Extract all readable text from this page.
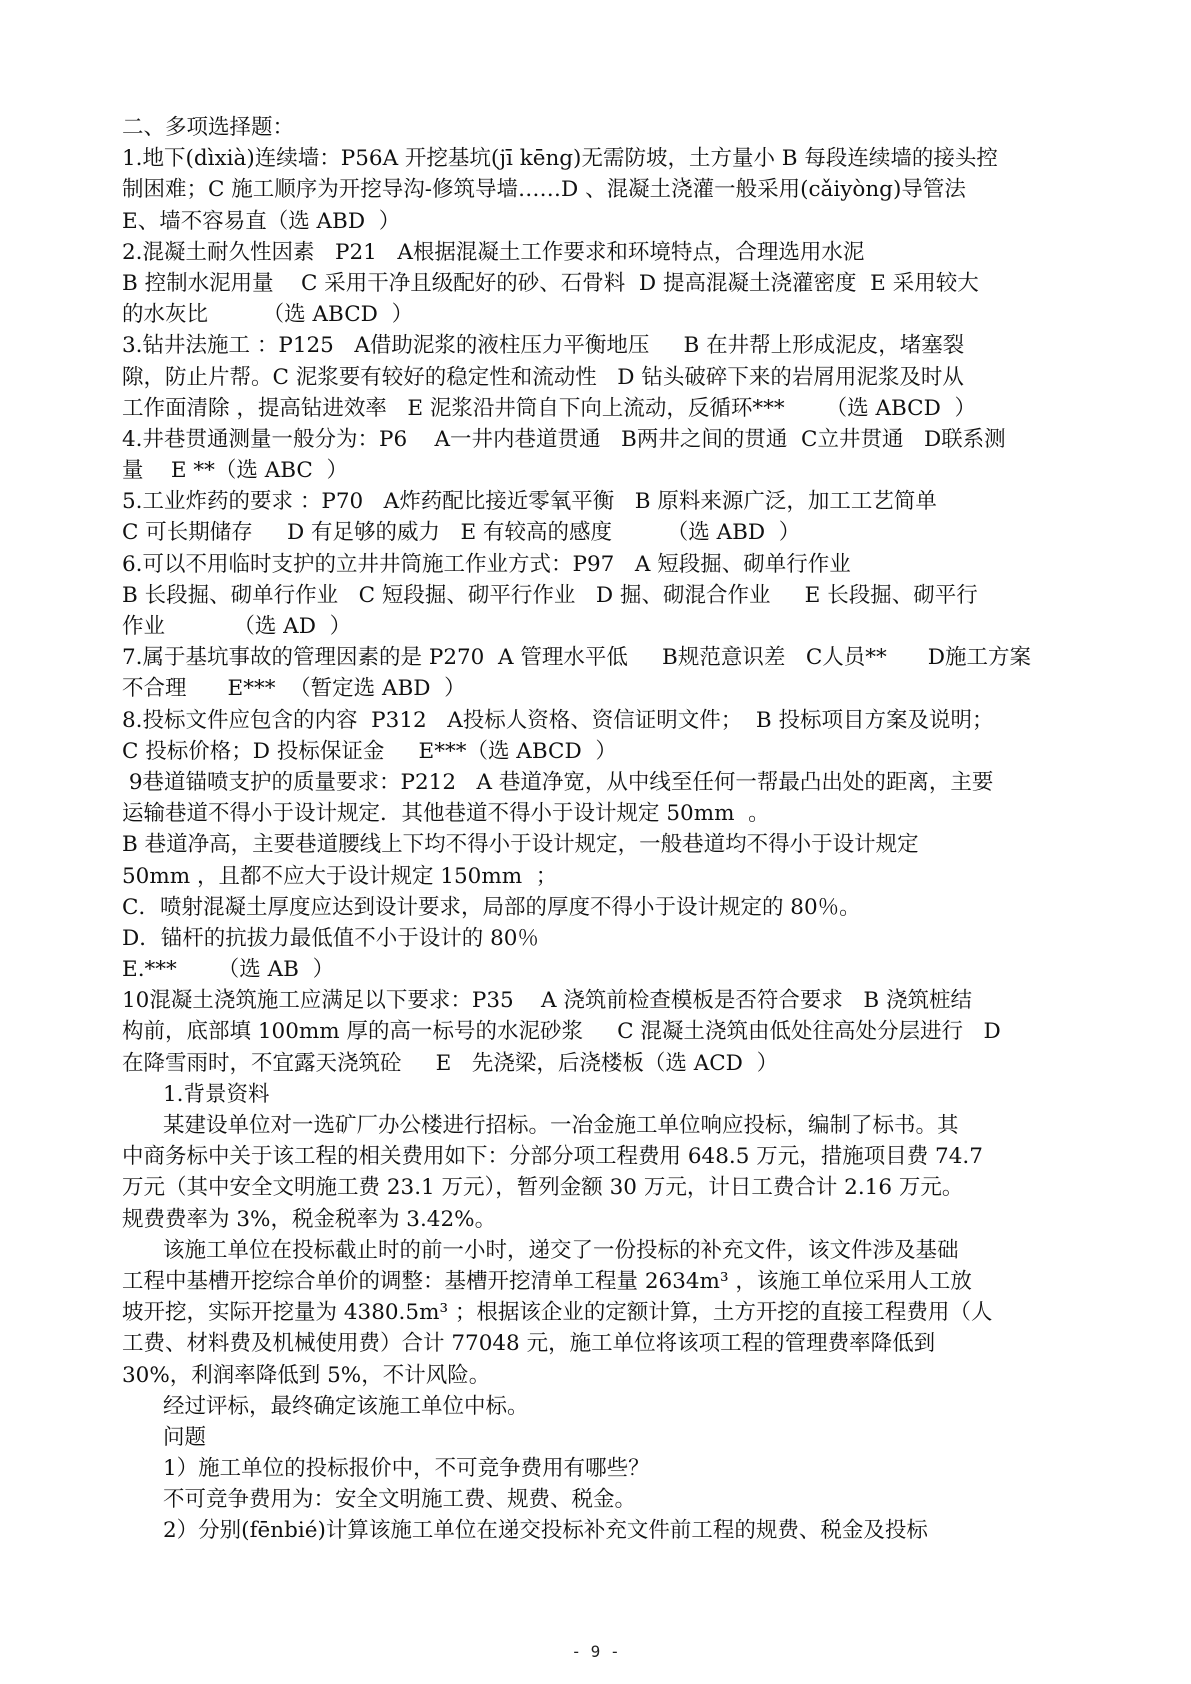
二、多项选择题：
1.地下(dìxià)连续墙：P56A 开挖基坑(jī kēng)无需防坡，土方量小 B 每段连续墙的接头控
制困难；C 施工顺序为开挖导沟-修筑导墙……D 、混凝土浇灌一般采用(cǎiyòng)导管法
E、墙不容易直（选 ABD  ）
2.混凝土耐久性因素   P21   A根据混凝土工作要求和环境特点，合理选用水泥
B 控制水泥用量    C 采用干净且级配好的砂、石骨料  D 提高混凝土浇灌密度  E 采用较大
的水灰比        （选 ABCD  ）
3.钻井法施工 ：P125   A借助泥浆的液柱压力平衡地压     B 在井帮上形成泥皮，堵塞裂
隙，防止片帮。C 泥浆要有较好的稳定性和流动性   D 钻头破碎下来的岩屑用泥浆及时从
工作面清除 ，提高钻进效率   E 泥浆沿井筒自下向上流动，反循环***      （选 ABCD  ）
4.井巷贯通测量一般分为：P6    A一井内巷道贯通   B两井之间的贯通  C立井贯通   D联系测
量    E **（选 ABC  ）
5.工业炸药的要求 ：P70   A炸药配比接近零氧平衡   B 原料来源广泛，加工工艺简单
C 可长期储存     D 有足够的威力   E 有较高的感度        （选 ABD  ）
6.可以不用临时支护的立井井筒施工作业方式：P97   A 短段掘、砌单行作业
B 长段掘、砌单行作业   C 短段掘、砌平行作业   D 掘、砌混合作业     E 长段掘、砌平行
作业          （选 AD  ）
7.属于基坑事故的管理因素的是 P270  A 管理水平低     B规范意识差   C人员**      D施工方案
不合理      E***  （暂定选 ABD  ）
8.投标文件应包含的内容  P312   A投标人资格、资信证明文件；  B 投标项目方案及说明；
C 投标价格；D 投标保证金     E***（选 ABCD  ）
9巷道锚喷支护的质量要求：P212   A 巷道净宽，从中线至任何一帮最凸出处的距离，主要
运输巷道不得小于设计规定．其他巷道不得小于设计规定 50mm  。
B 巷道净高，主要巷道腰线上下均不得小于设计规定，一般巷道均不得小于设计规定
50mm ，且都不应大于设计规定 150mm  ；
C．喷射混凝土厚度应达到设计要求，局部的厚度不得小于设计规定的 80％。
D．锚杆的抗拔力最低值不小于设计的 80％
E.***      （选 AB  ）
10混凝土浇筑施工应满足以下要求：P35    A 浇筑前检查模板是否符合要求   B 浇筑桩结
构前，底部填 100mm 厚的高一标号的水泥砂浆     C 混凝土浇筑由低处往高处分层进行   D
在降雪雨时，不宜露天浇筑砼     E   先浇梁，后浇楼板（选 ACD  ）
1.背景资料
某建设单位对一选矿厂办公楼进行招标。一冶金施工单位响应投标，编制了标书。其
中商务标中关于该工程的相关费用如下：分部分项工程费用 648.5 万元，措施项目费 74.7
万元（其中安全文明施工费 23.1 万元），暂列金额 30 万元，计日工费合计 2.16 万元。
规费费率为 3%，税金税率为 3.42%。
该施工单位在投标截止时的前一小时，递交了一份投标的补充文件，该文件涉及基础
工程中基槽开挖综合单价的调整：基槽开挖清单工程量 2634m³ ，该施工单位采用人工放
坡开挖，实际开挖量为 4380.5m³ ；根据该企业的定额计算，土方开挖的直接工程费用（人
工费、材料费及机械使用费）合计 77048 元，施工单位将该项工程的管理费率降低到
30%，利润率降低到 5%，不计风险。
经过评标，最终确定该施工单位中标。
问题
1）施工单位的投标报价中，不可竞争费用有哪些？
不可竞争费用为：安全文明施工费、规费、税金。
2）分别(fēnbié)计算该施工单位在递交投标补充文件前工程的规费、税金及投标
- 9 -
